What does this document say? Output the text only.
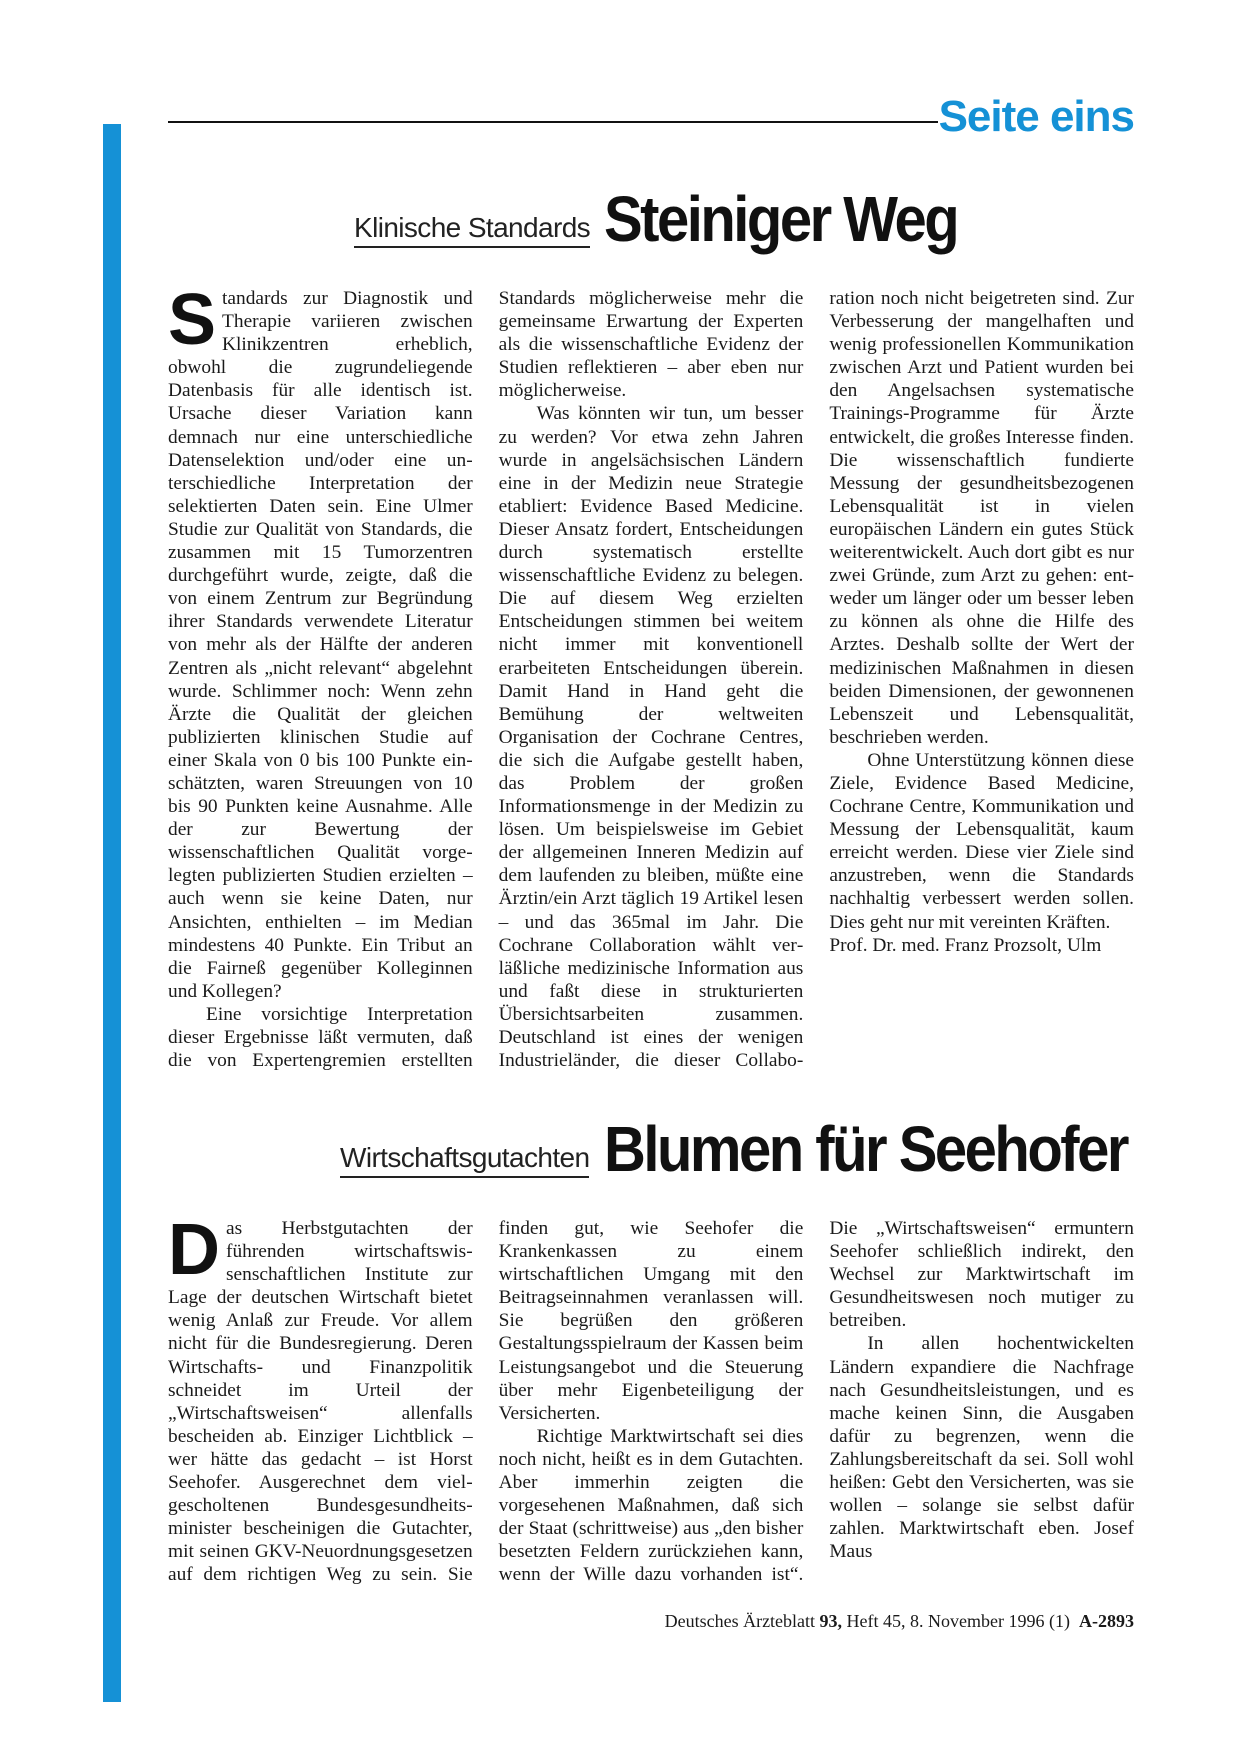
Seite eins
Klinische Standards Steiniger Weg

Standards zur Diagnostik und Therapie variieren zwischen Klinikzentren erheblich, obwohl die zugrundeliegende Datenbasis für alle identisch ist. Ursache dieser Variation kann demnach nur eine unterschiedliche Datenselektion und/oder eine unterschiedliche Interpretation der selektierten Daten sein. Eine Ulmer Studie zur Qualität von Standards, die zusammen mit 15 Tumorzentren durchgeführt wurde, zeigte, daß die von einem Zentrum zur Begründung ihrer Standards verwendete Literatur von mehr als der Hälfte der anderen Zentren als „nicht relevant“ abgelehnt wurde. Schlimmer noch: Wenn zehn Ärzte die Qualität der gleichen publizierten klinischen Studie auf einer Skala von 0 bis 100 Punkte einschätzten, waren Streuungen von 10 bis 90 Punkten keine Ausnahme. Alle der zur Bewertung der wissenschaftlichen Qualität vorgelegten publizierten Studien erzielten – auch wenn sie keine Daten, nur Ansichten, enthielten – im Median mindestens 40 Punkte. Ein Tribut an die Fairneß gegenüber Kolleginnen und Kollegen?

Eine vorsichtige Interpretation dieser Ergebnisse läßt vermuten, daß die von Expertengremien erstellten Standards möglicherweise mehr die gemeinsame Erwartung der Experten als die wissenschaftliche Evidenz der Studien reflektieren – aber eben nur möglicherweise.

Was könnten wir tun, um besser zu werden? Vor etwa zehn Jahren wurde in angelsächsischen Ländern eine in der Medizin neue Strategie etabliert: Evidence Based Medicine. Dieser Ansatz fordert, Entscheidungen durch systematisch erstellte wissenschaftliche Evidenz zu belegen. Die auf diesem Weg erzielten Entscheidungen stimmen bei weitem nicht immer mit konventionell erarbeiteten Entscheidungen überein. Damit Hand in Hand geht die Bemühung der weltweiten Organisation der Cochrane Centres, die sich die Aufgabe gestellt haben, das Problem der großen Informationsmenge in der Medizin zu lösen. Um beispielsweise im Gebiet der allgemeinen Inneren Medizin auf dem laufenden zu bleiben, müßte eine Ärztin/ein Arzt täglich 19 Artikel lesen – und das 365mal im Jahr. Die Cochrane Collaboration wählt verläßliche medizinische Information aus und faßt diese in strukturierten Übersichtsarbeiten zusammen. Deutschland ist eines der wenigen Industrieländer, die dieser Collaboration noch nicht beigetreten sind. Zur Verbesserung der mangelhaften und wenig professionellen Kommunikation zwischen Arzt und Patient wurden bei den Angelsachsen systematische Trainings-Programme für Ärzte entwickelt, die großes Interesse finden. Die wissenschaftlich fundierte Messung der gesundheitsbezogenen Lebensqualität ist in vielen europäischen Ländern ein gutes Stück weiterentwickelt. Auch dort gibt es nur zwei Gründe, zum Arzt zu gehen: entweder um länger oder um besser leben zu können als ohne die Hilfe des Arztes. Deshalb sollte der Wert der medizinischen Maßnahmen in diesen beiden Dimensionen, der gewonnenen Lebenszeit und Lebensqualität, beschrieben werden.

Ohne Unterstützung können diese Ziele, Evidence Based Medicine, Cochrane Centre, Kommunikation und Messung der Lebensqualität, kaum erreicht werden. Diese vier Ziele sind anzustreben, wenn die Standards nachhaltig verbessert werden sollen. Dies geht nur mit vereinten Kräften.

Prof. Dr. med. Franz Prozsolt, Ulm

Wirtschaftsgutachten Blumen für Seehofer

Das Herbstgutachten der führenden wirtschaftswissenschaftlichen Institute zur Lage der deutschen Wirtschaft bietet wenig Anlaß zur Freude. Vor allem nicht für die Bundesregierung. Deren Wirtschafts- und Finanzpolitik schneidet im Urteil der „Wirtschaftsweisen“ allenfalls bescheiden ab. Einziger Lichtblick – wer hätte das gedacht – ist Horst Seehofer. Ausgerechnet dem vielgescholtenen Bundesgesundheitsminister bescheinigen die Gutachter, mit seinen GKV-Neuordnungsgesetzen auf dem richtigen Weg zu sein. Sie finden gut, wie Seehofer die Krankenkassen zu einem wirtschaftlichen Umgang mit den Beitragseinnahmen veranlassen will. Sie begrüßen den größeren Gestaltungsspielraum der Kassen beim Leistungsangebot und die Steuerung über mehr Eigenbeteiligung der Versicherten.

Richtige Marktwirtschaft sei dies noch nicht, heißt es in dem Gutachten. Aber immerhin zeigten die vorgesehenen Maßnahmen, daß sich der Staat (schrittweise) aus „den bisher besetzten Feldern zurückziehen kann, wenn der Wille dazu vorhanden ist“. Die „Wirtschaftsweisen“ ermuntern Seehofer schließlich indirekt, den Wechsel zur Marktwirtschaft im Gesundheitswesen noch mutiger zu betreiben.

In allen hochentwickelten Ländern expandiere die Nachfrage nach Gesundheitsleistungen, und es mache keinen Sinn, die Ausgaben dafür zu begrenzen, wenn die Zahlungsbereitschaft da sei. Soll wohl heißen: Gebt den Versicherten, was sie wollen – solange sie selbst dafür zahlen. Marktwirtschaft eben. Josef Maus

Deutsches Ärzteblatt 93, Heft 45, 8. November 1996 (1) A-2893
